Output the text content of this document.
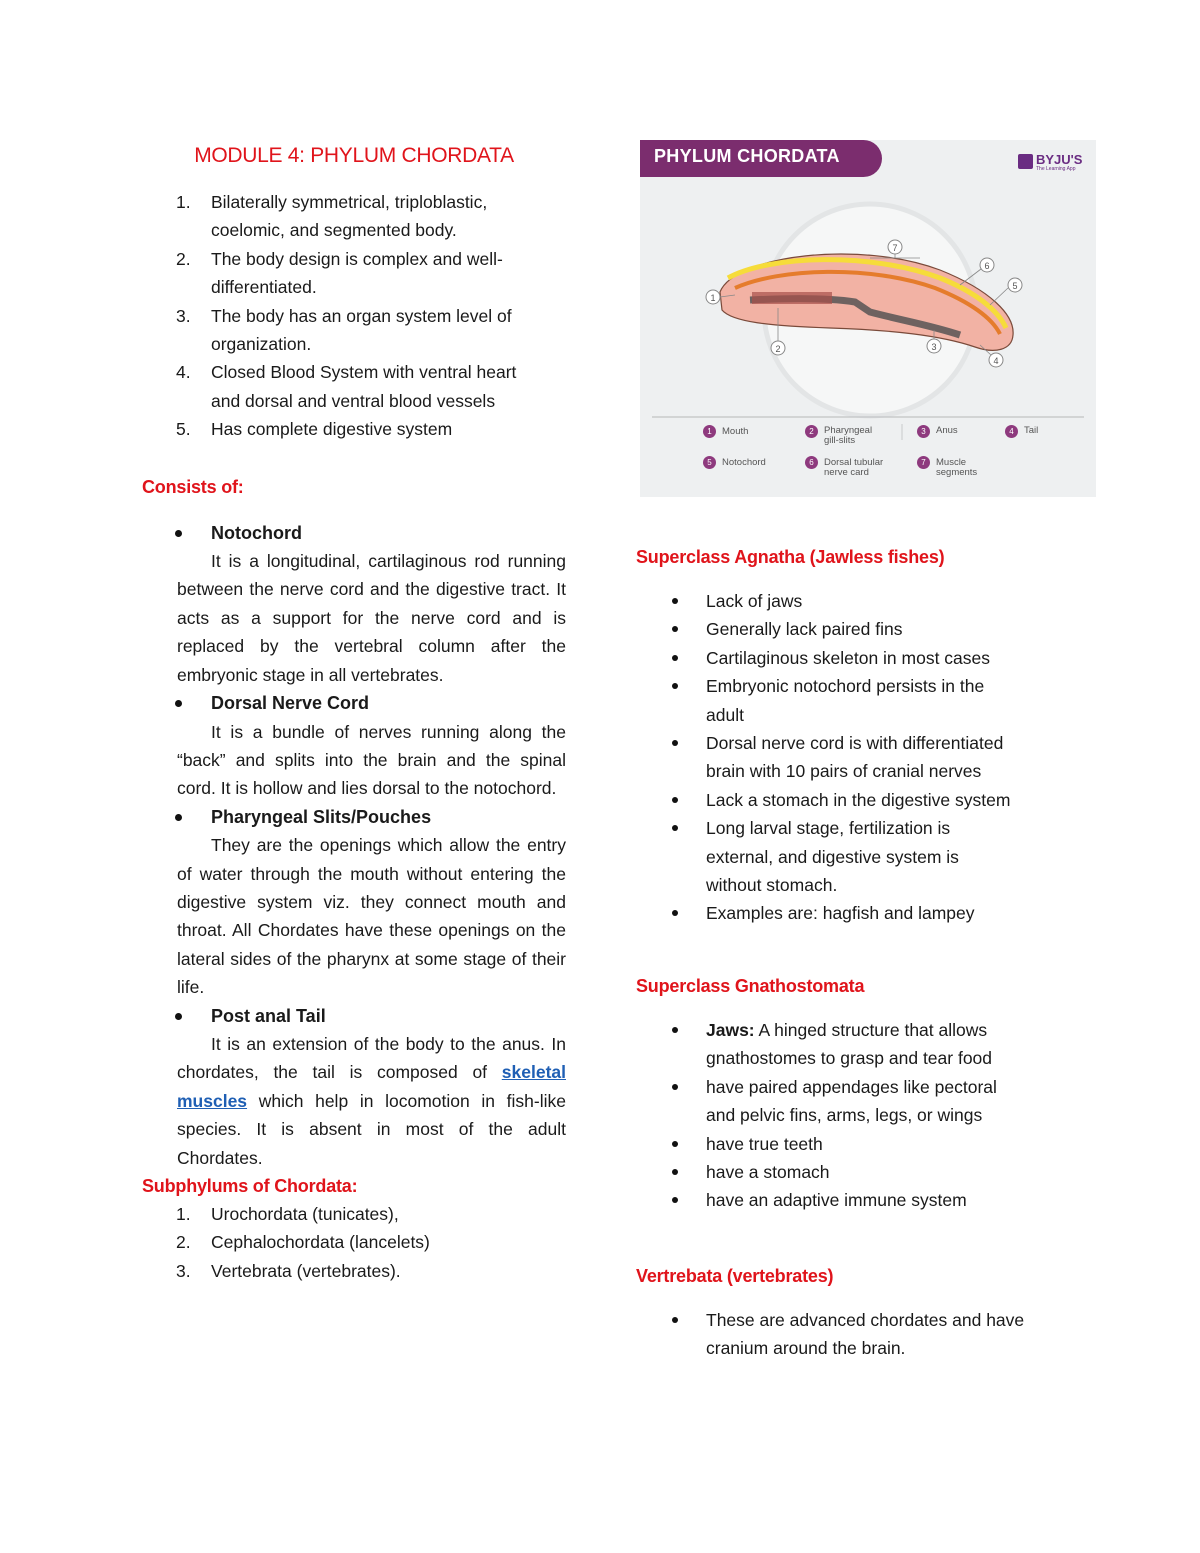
MODULE 4: PHYLUM CHORDATA
1. Bilaterally symmetrical, triploblastic,
coelomic, and segmented body.
2. The body design is complex and well-
differentiated.
3. The body has an organ system level of
organization.
4. Closed Blood System with ventral heart
and dorsal and ventral blood vessels
5. Has complete digestive system
Consists of:
Notochord
It is a longitudinal, cartilaginous rod running between the nerve cord and the digestive tract. It acts as a support for the nerve cord and is replaced by the vertebral column after the embryonic stage in all vertebrates.
Dorsal Nerve Cord
It is a bundle of nerves running along the “back” and splits into the brain and the spinal cord. It is hollow and lies dorsal to the notochord.
Pharyngeal Slits/Pouches
They are the openings which allow the entry of water through the mouth without entering the digestive system viz. they connect mouth and throat. All Chordates have these openings on the lateral sides of the pharynx at some stage of their life.
Post anal Tail
It is an extension of the body to the anus. In chordates, the tail is composed of skeletal muscles which help in locomotion in fish-like species. It is absent in most of the adult Chordates.
Subphylums of Chordata:
1. Urochordata (tunicates),
2. Cephalochordata (lancelets)
3. Vertebrata (vertebrates).
PHYLUM CHORDATA	BYJU'S
The Learning App
1
2	3
4
5
6
7
1	Mouth	2	Pharyngeal gill-slits
3	Anus	4	Tail
5	Notochord	6	Dorsal tubular nerve card
7	Muscle segments
Superclass Agnatha (Jawless fishes)
Lack of jaws
Generally lack paired fins
Cartilaginous skeleton in most cases
Embryonic notochord persists in the
adult
Dorsal nerve cord is with differentiated
brain with 10 pairs of cranial nerves
Lack a stomach in the digestive system
Long larval stage, fertilization is
external, and digestive system is
without stomach.
Examples are: hagfish and lampey
Superclass Gnathostomata
Jaws: A hinged structure that allows
gnathostomes to grasp and tear food
have paired appendages like pectoral
and pelvic fins, arms, legs, or wings
have true teeth
have a stomach
have an adaptive immune system
Vertrebata (vertebrates)
These are advanced chordates and have
cranium around the brain.
